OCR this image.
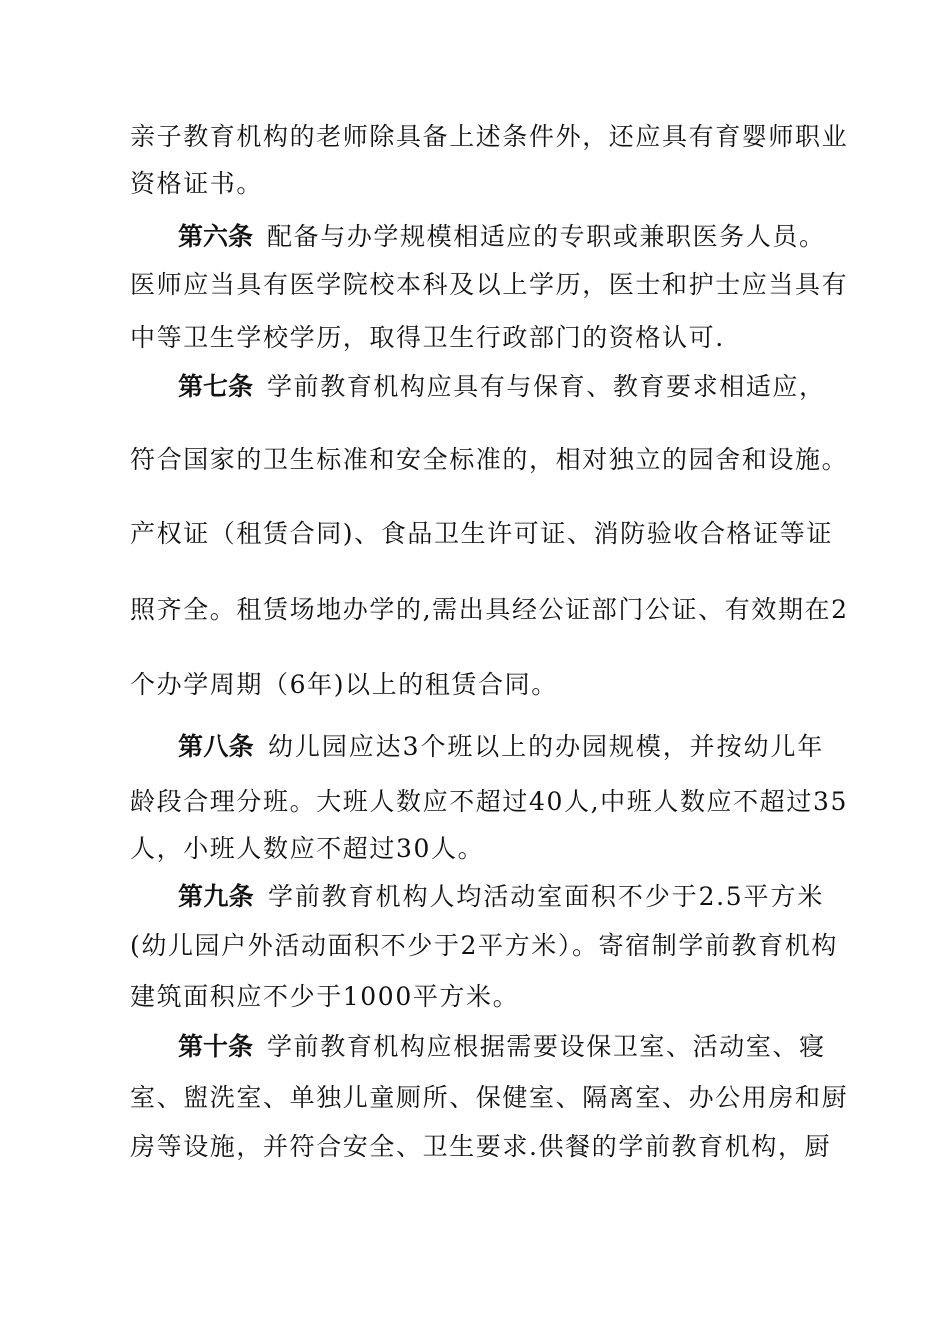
亲子教育机构的老师除具备上述条件外，还应具有育婴师职业
资格证书。
第六条 配备与办学规模相适应的专职或兼职医务人员。
医师应当具有医学院校本科及以上学历，医士和护士应当具有
中等卫生学校学历，取得卫生行政部门的资格认可.
第七条 学前教育机构应具有与保育、教育要求相适应，
符合国家的卫生标准和安全标准的，相对独立的园舍和设施。
产权证（租赁合同)、食品卫生许可证、消防验收合格证等证
照齐全。租赁场地办学的,需出具经公证部门公证、有效期在2
个办学周期（6年)以上的租赁合同。
第八条 幼儿园应达3个班以上的办园规模，并按幼儿年
龄段合理分班。大班人数应不超过40人,中班人数应不超过35
人，小班人数应不超过30人。
第九条 学前教育机构人均活动室面积不少于2.5平方米
(幼儿园户外活动面积不少于2平方米）。寄宿制学前教育机构
建筑面积应不少于1000平方米。
第十条 学前教育机构应根据需要设保卫室、活动室、寝
室、盥洗室、单独儿童厕所、保健室、隔离室、办公用房和厨
房等设施，并符合安全、卫生要求.供餐的学前教育机构，厨
